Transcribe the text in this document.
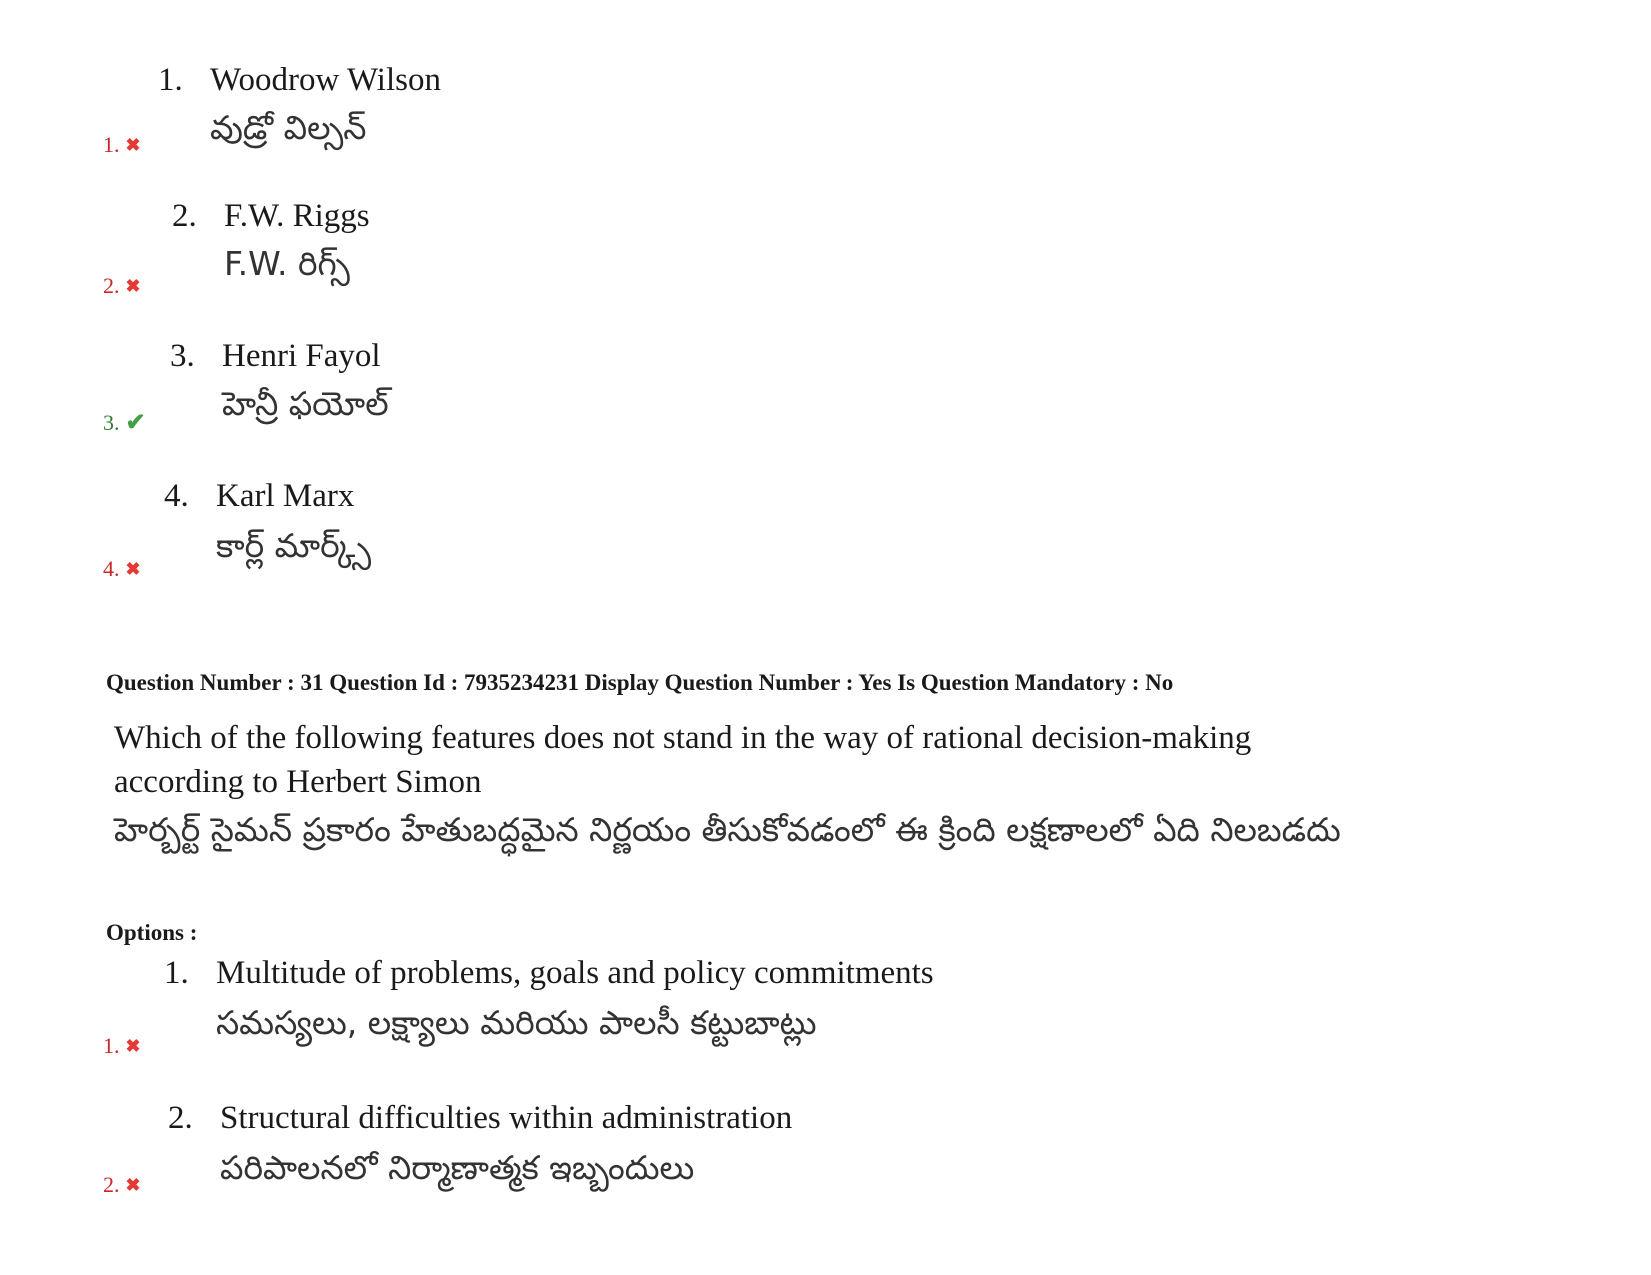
1. Woodrow Wilson
వుడ్రో విల్సన్
1. ✖
2. F.W. Riggs
F.W. రిగ్స్
2. ✖
3. Henri Fayol
హెన్రీ ఫయోల్
3. ✔
4. Karl Marx
కార్ల్ మార్క్స్
4. ✖
Question Number : 31 Question Id : 7935234231 Display Question Number : Yes Is Question Mandatory : No
Which of the following features does not stand in the way of rational decision-making according to Herbert Simon
హెర్బర్ట్ సైమన్ ప్రకారం హేతుబద్ధమైన నిర్ణయం తీసుకోవడంలో ఈ క్రింది లక్షణాలలో ఏది నిలబడదు
Options :
1. Multitude of problems, goals and policy commitments
సమస్యలు, లక్ష్యాలు మరియు పాలసీ కట్టుబాట్లు
1. ✖
2. Structural difficulties within administration
పరిపాలనలో నిర్మాణాత్మక ఇబ్బందులు
2. ✖
